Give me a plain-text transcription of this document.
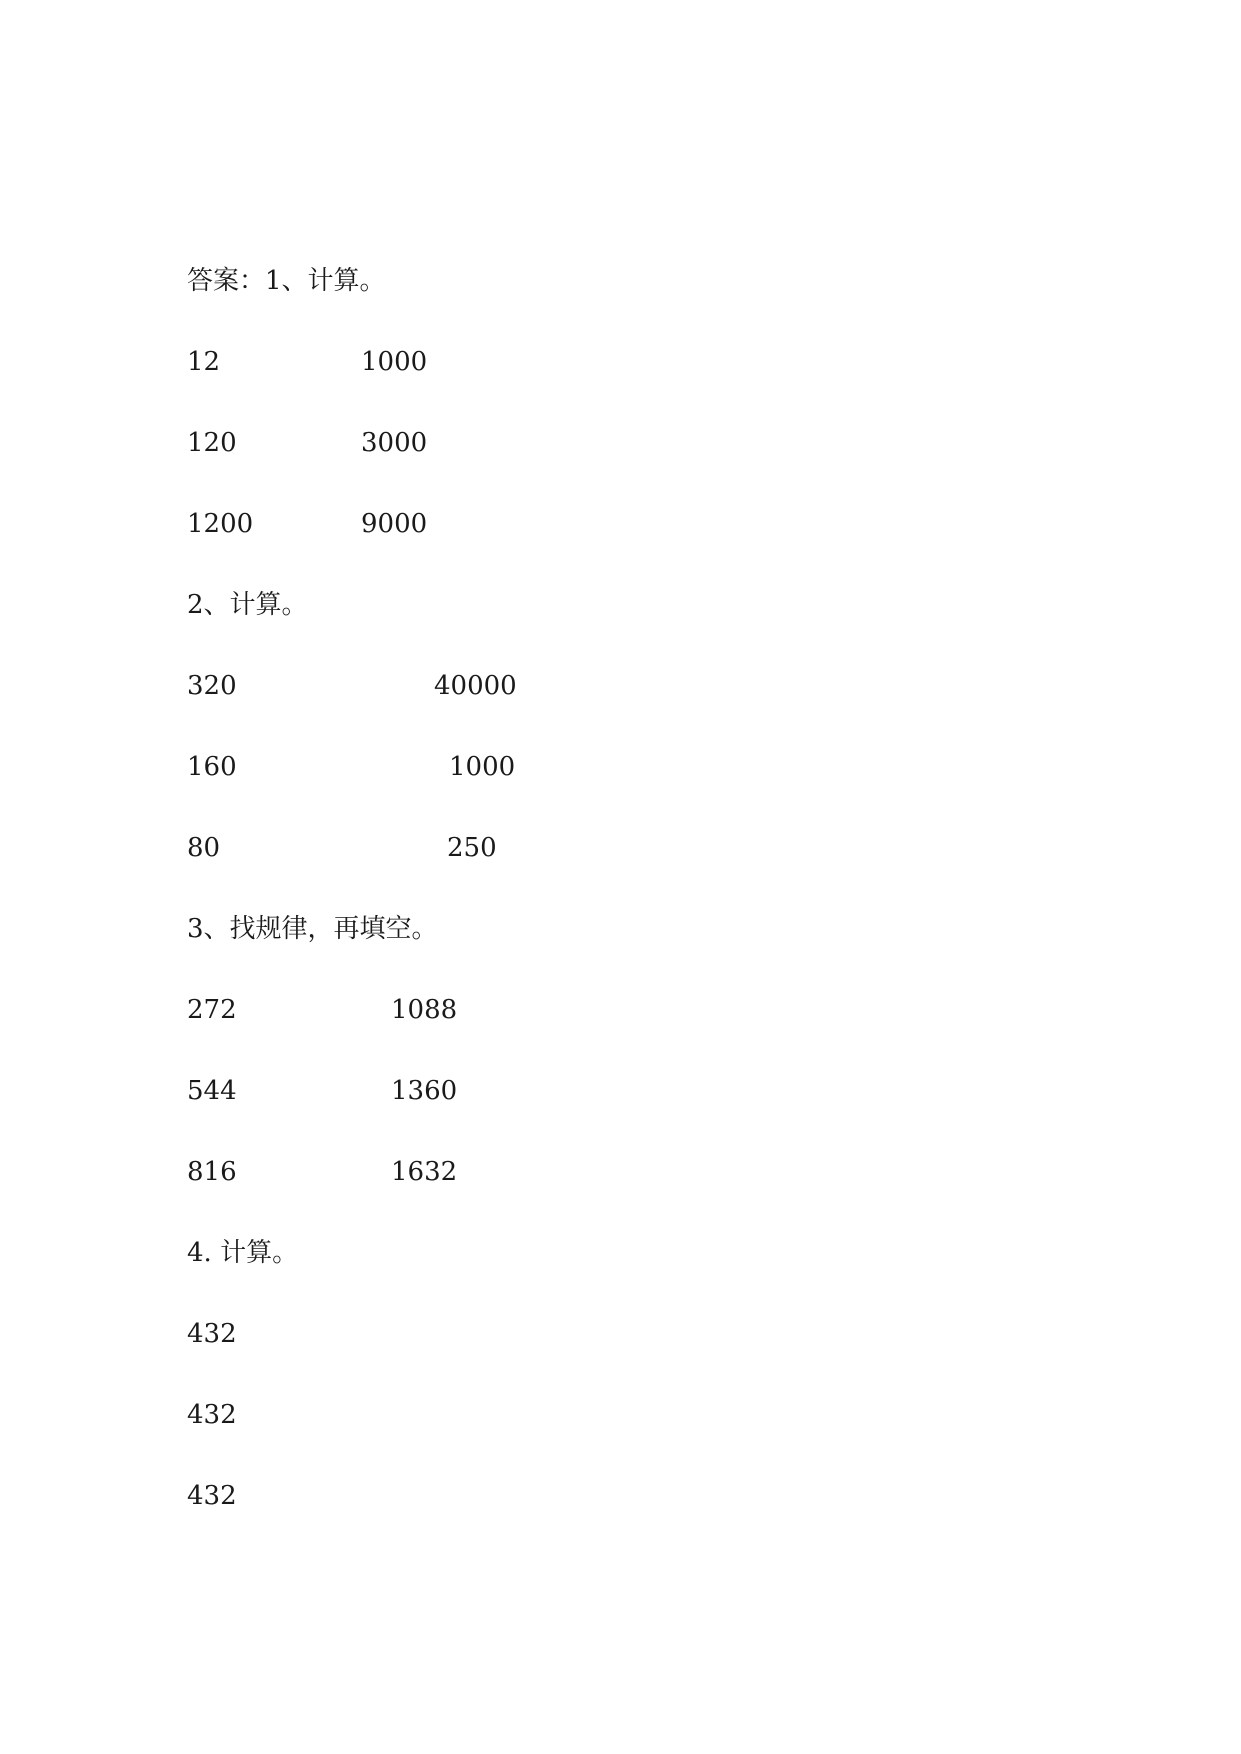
答案：1、计算。
12	1000
120	3000
1200	9000
2、计算。
320	40000
160	1000
80	250
3、找规律，再填空。
272	1088
544	1360
816	1632
4. 计算。
432
432
432
